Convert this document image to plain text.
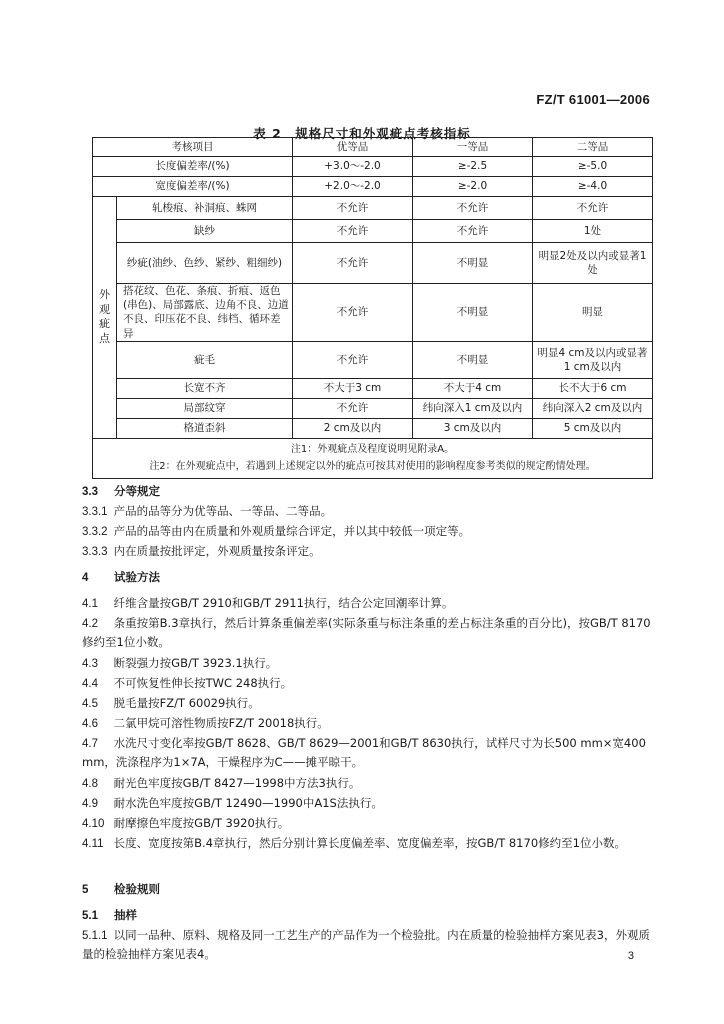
FZ/T 61001—2006
表 2　规格尺寸和外观疵点考核指标
考核项目		优等品	一等品	二等品
长度偏差率/(%)		+3.0～-2.0	≥-2.5	≥-5.0
宽度偏差率/(%)		+2.0～-2.0	≥-2.0	≥-4.0
外
观
疵
点	轧梭痕、补洞痕、蛛网	不允许	不允许	不允许
	缺纱	不允许	不允许	1处
	纱疵(油纱、色纱、紧纱、粗细纱)	不允许	不明显	明显2处及以内或显著1处
	搭花纹、色花、条痕、折痕、返色(串色)、局部露底、边角不良、边道不良、印压花不良、纬档、循环差异	不允许	不明显	明显
	疵毛	不允许	不明显	明显4 cm及以内或显著1 cm及以内
	长宽不齐	不大于3 cm	不大于4 cm	长不大于6 cm
	局部纹穿	不允许	纬向深入1 cm及以内	纬向深入2 cm及以内
	格道歪斜	2 cm及以内	3 cm及以内	5 cm及以内

注1：外观疵点及程度说明见附录A。
注2：在外观疵点中，若遇到上述规定以外的疵点可按其对使用的影响程度参考类似的规定酌情处理。				
3.3 分等规定
3.3.1 产品的品等分为优等品、一等品、二等品。
3.3.2 产品的品等由内在质量和外观质量综合评定，并以其中较低一项定等。
3.3.3 内在质量按批评定，外观质量按条评定。
4 试验方法
4.1 纤维含量按GB/T 2910和GB/T 2911执行，结合公定回潮率计算。
4.2 条重按第B.3章执行，然后计算条重偏差率(实际条重与标注条重的差占标注条重的百分比)，按GB/T 8170修约至1位小数。
4.3 断裂强力按GB/T 3923.1执行。
4.4 不可恢复性伸长按TWC 248执行。
4.5 脱毛量按FZ/T 60029执行。
4.6 二氯甲烷可溶性物质按FZ/T 20018执行。
4.7 水洗尺寸变化率按GB/T 8628、GB/T 8629—2001和GB/T 8630执行，试样尺寸为长500 mm×宽400 mm，洗涤程序为1×7A，干燥程序为C——摊平晾干。
4.8 耐光色牢度按GB/T 8427—1998中方法3执行。
4.9 耐水洗色牢度按GB/T 12490—1990中A1S法执行。
4.10 耐摩擦色牢度按GB/T 3920执行。
4.11 长度、宽度按第B.4章执行，然后分别计算长度偏差率、宽度偏差率，按GB/T 8170修约至1位小数。
5 检验规则
5.1 抽样
5.1.1 以同一品种、原料、规格及同一工艺生产的产品作为一个检验批。内在质量的检验抽样方案见表3，外观质量的检验抽样方案见表4。	3
